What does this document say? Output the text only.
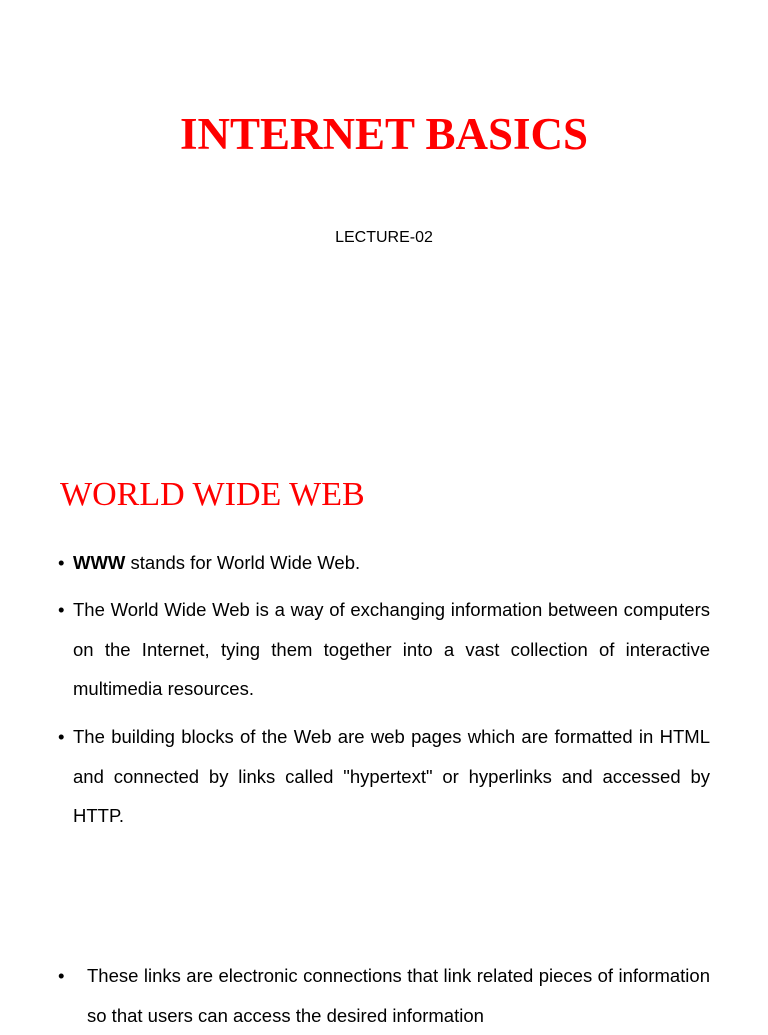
INTERNET BASICS
LECTURE-02
WORLD WIDE WEB
• WWW stands for World Wide Web.
• The World Wide Web is a way of exchanging information between computers on the Internet, tying them together into a vast collection of interactive multimedia resources.
• The building blocks of the Web are web pages which are formatted in HTML and connected by links called "hypertext" or hyperlinks and accessed by HTTP.
•	These links are electronic connections that link related pieces of information so that users can access the desired information
